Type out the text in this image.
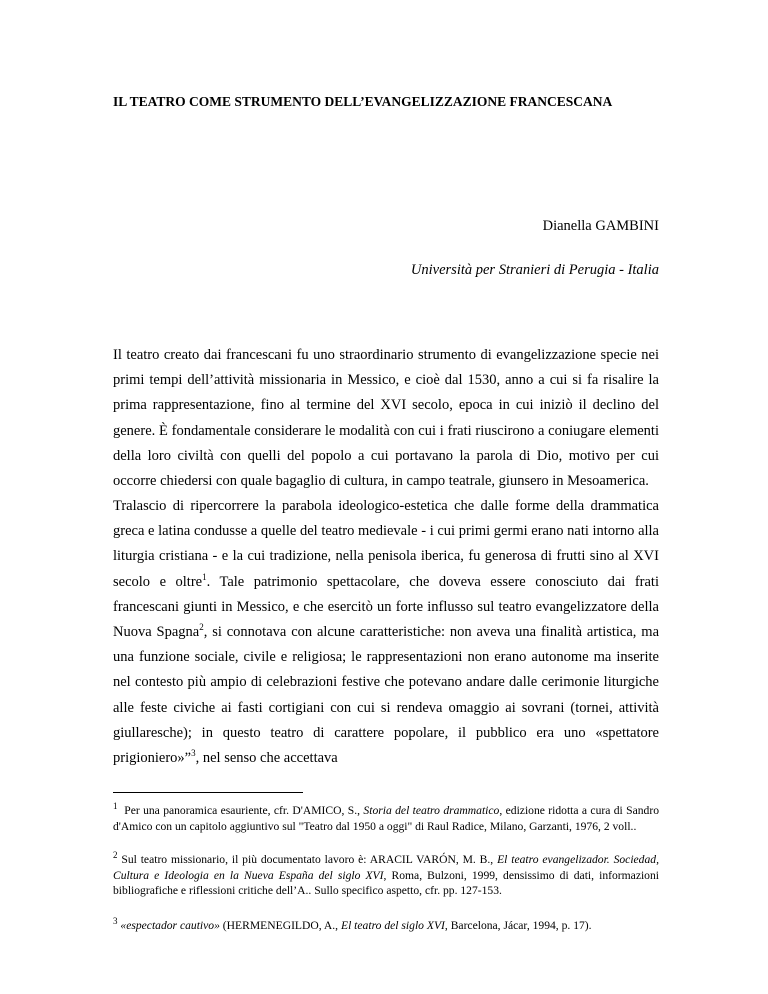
IL TEATRO COME STRUMENTO DELL’EVANGELIZZAZIONE FRANCESCANA
Dianella GAMBINI
Università per Stranieri di Perugia - Italia

Il teatro creato dai francescani fu uno straordinario strumento di evangelizzazione specie nei primi tempi dell’attività missionaria in Messico, e cioè dal 1530, anno a cui si fa risalire la prima rappresentazione, fino al termine del XVI secolo, epoca in cui iniziò il declino del genere. È fondamentale considerare le modalità con cui i frati riuscirono a coniugare elementi della loro civiltà con quelli del popolo a cui portavano la parola di Dio, motivo per cui occorre chiedersi con quale bagaglio di cultura, in campo teatrale, giunsero in Mesoamerica.

Tralascio di ripercorrere la parabola ideologico-estetica che dalle forme della drammatica greca e latina condusse a quelle del teatro medievale - i cui primi germi erano nati intorno alla liturgia cristiana - e la cui tradizione, nella penisola iberica, fu generosa di frutti sino al XVI secolo e oltre$^1$. Tale patrimonio spettacolare, che doveva essere conosciuto dai frati francescani giunti in Messico, e che esercitò un forte influsso sul teatro evangelizzatore della Nuova Spagna$^2$, si connotava con alcune caratteristiche: non aveva una finalità artistica, ma una funzione sociale, civile e religiosa; le rappresentazioni non erano autonome ma inserite nel contesto più ampio di celebrazioni festive che potevano andare dalle cerimonie liturgiche alle feste civiche ai fasti cortigiani con cui si rendeva omaggio ai sovrani (tornei, attività giullaresche); in questo teatro di carattere popolare, il pubblico era uno «spettatore prigioniero»”$^3$, nel senso che accettava

$^1$ Per una panoramica esauriente, cfr. D'AMICO, S., Storia del teatro drammatico, edizione ridotta a cura di Sandro d'Amico con un capitolo aggiuntivo sul "Teatro dal 1950 a oggi" di Raul Radice, Milano, Garzanti, 1976, 2 voll..

$^2$ Sul teatro missionario, il più documentato lavoro è: ARACIL VARÓN, M. B., El teatro evangelizador. Sociedad, Cultura e Ideologia en la Nueva España del siglo XVI, Roma, Bulzoni, 1999, densissimo di dati, informazioni bibliografiche e riflessioni critiche dell’A.. Sullo specifico aspetto, cfr. pp. 127-153.

$^3$ «espectador cautivo» (HERMENEGILDO, A., El teatro del siglo XVI, Barcelona, Jácar, 1994, p. 17).
